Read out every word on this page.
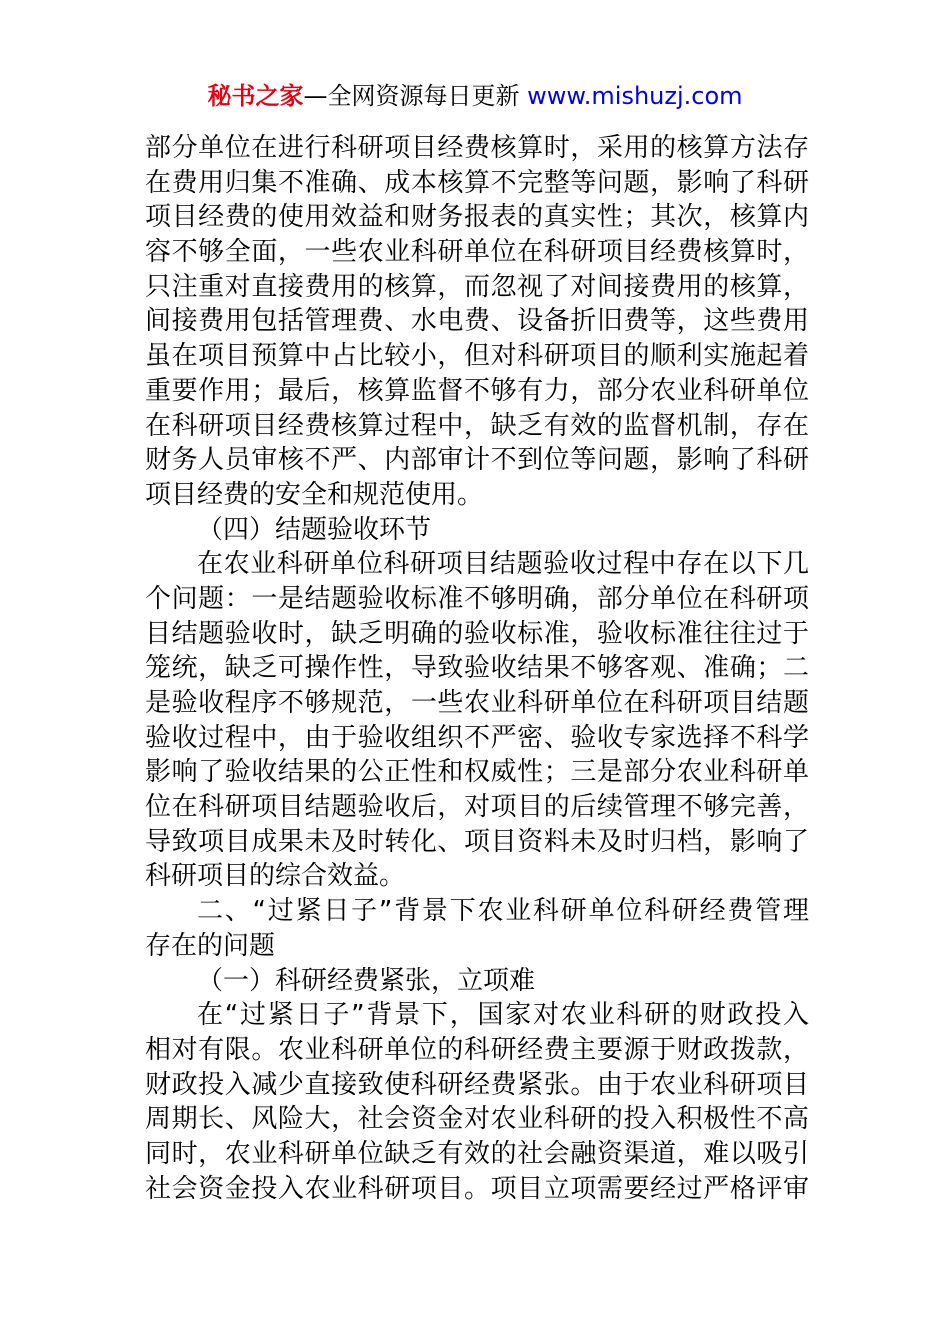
秘书之家—全网资源每日更新 www.mishuzj.com
部分单位在进行科研项目经费核算时，采用的核算方法存
在费用归集不准确、成本核算不完整等问题，影响了科研
项目经费的使用效益和财务报表的真实性；其次，核算内
容不够全面，一些农业科研单位在科研项目经费核算时，
只注重对直接费用的核算，而忽视了对间接费用的核算，
间接费用包括管理费、水电费、设备折旧费等，这些费用
虽在项目预算中占比较小，但对科研项目的顺利实施起着
重要作用；最后，核算监督不够有力，部分农业科研单位
在科研项目经费核算过程中，缺乏有效的监督机制，存在
财务人员审核不严、内部审计不到位等问题，影响了科研
项目经费的安全和规范使用。
（四）结题验收环节
在农业科研单位科研项目结题验收过程中存在以下几
个问题：一是结题验收标准不够明确，部分单位在科研项
目结题验收时，缺乏明确的验收标准，验收标准往往过于
笼统，缺乏可操作性，导致验收结果不够客观、准确；二
是验收程序不够规范，一些农业科研单位在科研项目结题
验收过程中，由于验收组织不严密、验收专家选择不科学
影响了验收结果的公正性和权威性；三是部分农业科研单
位在科研项目结题验收后，对项目的后续管理不够完善，
导致项目成果未及时转化、项目资料未及时归档，影响了
科研项目的综合效益。
二、“过紧日子”背景下农业科研单位科研经费管理
存在的问题
（一）科研经费紧张，立项难
在“过紧日子”背景下，国家对农业科研的财政投入
相对有限。农业科研单位的科研经费主要源于财政拨款，
财政投入减少直接致使科研经费紧张。由于农业科研项目
周期长、风险大，社会资金对农业科研的投入积极性不高
同时，农业科研单位缺乏有效的社会融资渠道，难以吸引
社会资金投入农业科研项目。项目立项需要经过严格评审
